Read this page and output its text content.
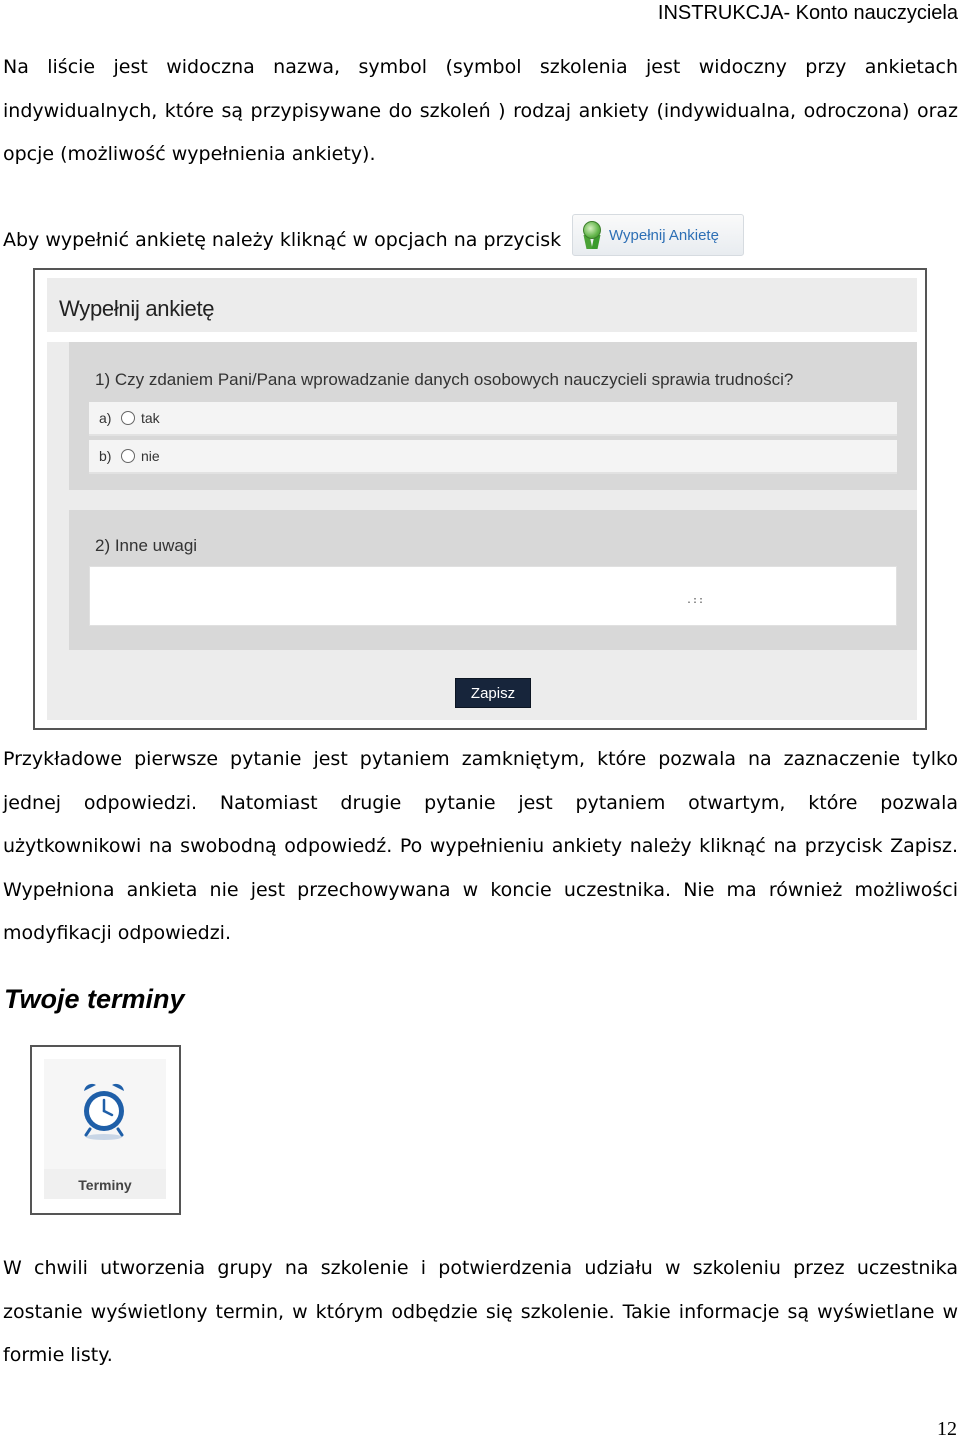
INSTRUKCJA- Konto nauczyciela
Na liście jest widoczna nazwa, symbol (symbol szkolenia jest widoczny przy ankietach
indywidualnych, które są przypisywane do szkoleń ) rodzaj ankiety (indywidualna, odroczona) oraz
opcje (możliwość wypełnienia ankiety).
Aby wypełnić ankietę należy kliknąć w opcjach na przycisk	Wypełnij Ankietę
Wypełnij ankietę
1) Czy zdaniem Pani/Pana wprowadzanie danych osobowych nauczycieli sprawia trudności?
a)	tak
b)	nie
2) Inne uwagi
.::
Zapisz
Przykładowe pierwsze pytanie jest pytaniem zamkniętym, które pozwala na zaznaczenie tylko
jednej odpowiedzi. Natomiast drugie pytanie jest pytaniem otwartym, które pozwala
użytkownikowi na swobodną odpowiedź. Po wypełnieniu ankiety należy kliknąć na przycisk Zapisz.
Wypełniona ankieta nie jest przechowywana w koncie uczestnika. Nie ma również możliwości
modyfikacji odpowiedzi.
Twoje terminy
Terminy
W chwili utworzenia grupy na szkolenie i potwierdzenia udziału w szkoleniu przez uczestnika
zostanie wyświetlony termin, w którym odbędzie się szkolenie. Takie informacje są wyświetlane w
formie listy.
12
